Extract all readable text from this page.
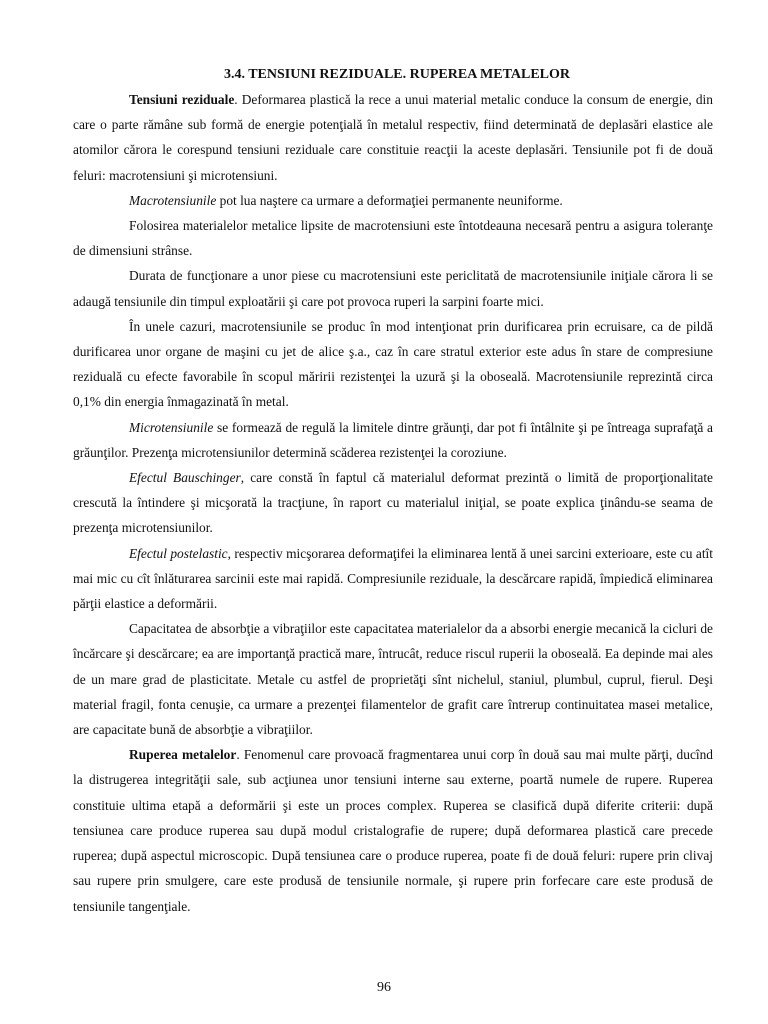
3.4. TENSIUNI REZIDUALE. RUPEREA METALELOR

Tensiuni reziduale. Deformarea plastică la rece a unui material metalic conduce la consum de energie, din care o parte rămâne sub formă de energie potenţială în metalul respectiv, fiind determinată de deplasări elastice ale atomilor cărora le corespund tensiuni reziduale care constituie reacţii la aceste deplasări. Tensiunile pot fi de două feluri: macrotensiuni şi microtensiuni.

Macrotensiunile pot lua naştere ca urmare a deformaţiei permanente neuniforme.

Folosirea materialelor metalice lipsite de macrotensiuni este întotdeauna necesară pentru a asigura toleranţe de dimensiuni strânse.

Durata de funcţionare a unor piese cu macrotensiuni este periclitată de macrotensiunile iniţiale cărora li se adaugă tensiunile din timpul exploatării şi care pot provoca ruperi la sarpini foarte mici.

În unele cazuri, macrotensiunile se produc în mod intenţionat prin durificarea prin ecruisare, ca de pildă durificarea unor organe de maşini cu jet de alice ş.a., caz în care stratul exterior este adus în stare de compresiune reziduală cu efecte favorabile în scopul măririi rezistenţei la uzură şi la oboseală. Macrotensiunile reprezintă circa 0,1% din energia înmagazinată în metal.

Microtensiunile se formează de regulă la limitele dintre grăunţi, dar pot fi întâlnite şi pe întreaga suprafaţă a grăunţilor. Prezenţa microtensiunilor determină scăderea rezistenţei la coroziune.

Efectul Bauschinger, care constă în faptul că materialul deformat prezintă o limită de proporţionalitate crescută la întindere şi micşorată la tracţiune, în raport cu materialul iniţial, se poate explica ţinându-se seama de prezenţa microtensiunilor.

Efectul postelastic, respectiv micşorarea deformaţifei la eliminarea lentă ă unei sarcini exterioare, este cu atît mai mic cu cît înlăturarea sarcinii este mai rapidă. Compresiunile reziduale, la descărcare rapidă, împiedică eliminarea părţii elastice a deformării.

Capacitatea de absorbţie a vibraţiilor este capacitatea materialelor da a absorbi energie mecanică la cicluri de încărcare şi descărcare; ea are importanţă practică mare, întrucât, reduce riscul ruperii la oboseală. Ea depinde mai ales de un mare grad de plasticitate. Metale cu astfel de proprietăţi sînt nichelul, staniul, plumbul, cuprul, fierul. Deşi material fragil, fonta cenuşie, ca urmare a prezenţei filamentelor de grafit care întrerup continuitatea masei metalice, are capacitate bună de absorbţie a vibraţiilor.

Ruperea metalelor. Fenomenul care provoacă fragmentarea unui corp în două sau mai multe părţi, ducînd la distrugerea integrităţii sale, sub acţiunea unor tensiuni interne sau externe, poartă numele de rupere. Ruperea constituie ultima etapă a deformării şi este un proces complex. Ruperea se clasifică după diferite criterii: după tensiunea care produce ruperea sau după modul cristalografie de rupere; după deformarea plastică care precede ruperea; după aspectul microscopic. După tensiunea care o produce ruperea, poate fi de două feluri: rupere prin clivaj sau rupere prin smulgere, care este produsă de tensiunile normale, şi rupere prin forfecare care este produsă de tensiunile tangenţiale.

96
